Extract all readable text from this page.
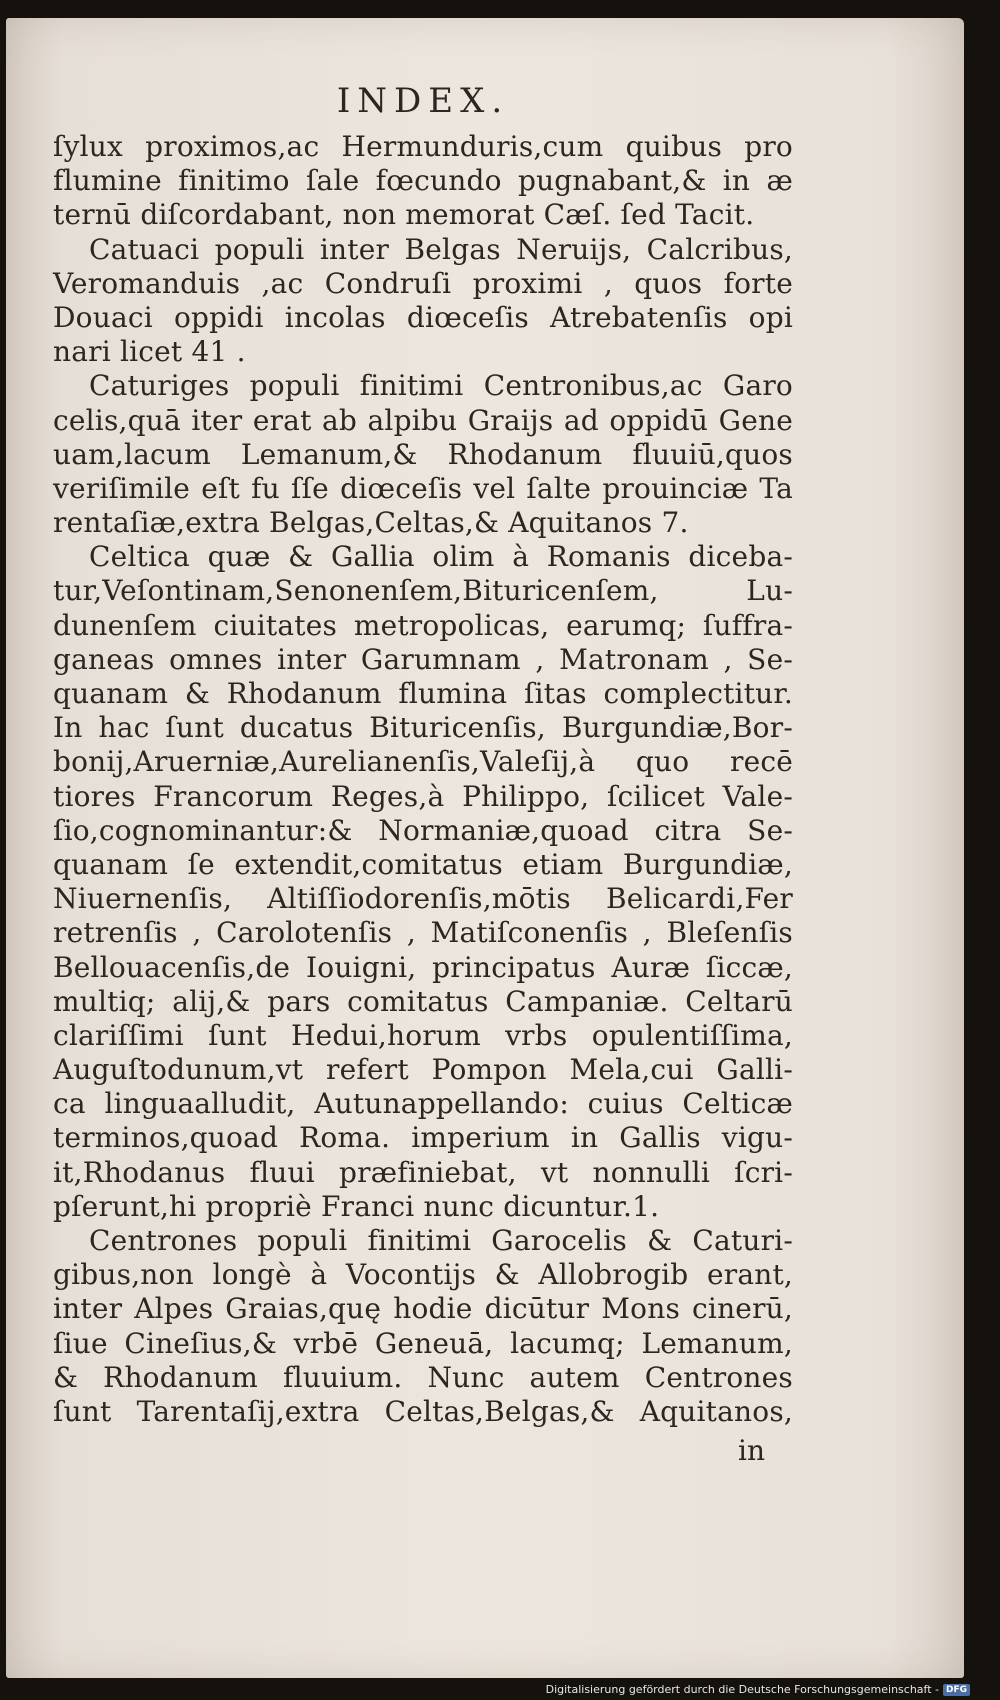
INDEX.
ſylux proximos,ac Hermunduris,cum quibus pro
flumine finitimo ſale fœcundo pugnabant,& in æ
ternū diſcordabant, non memorat Cæſ. ſed Tacit.
Catuaci populi inter Belgas Neruijs, Calcribus,
Veromanduis ,ac Condruſi proximi , quos forte
Douaci oppidi incolas diœceſis Atrebatenſis opi
nari licet 41 .
Caturiges populi finitimi Centronibus,ac Garo
celis,quā iter erat ab alpibu Graijs ad oppidū Gene
uam,lacum Lemanum,& Rhodanum fluuiū,quos
veriſimile eſt fu ſſe diœceſis vel ſalte prouinciæ Ta
rentaſiæ,extra Belgas,Celtas,& Aquitanos 7.
Celtica quæ & Gallia olim à Romanis diceba-
tur,Veſontinam,Senonenſem,Bituricenſem, Lu-
dunenſem ciuitates metropolicas, earumq; ſuffra-
ganeas omnes inter Garumnam , Matronam , Se-
quanam & Rhodanum flumina ſitas complectitur.
In hac ſunt ducatus Bituricenſis, Burgundiæ,Bor-
bonij,Aruerniæ,Aurelianenſis,Valeſij,à quo recē
tiores Francorum Reges,à Philippo, ſcilicet Vale-
ſio,cognominantur:& Normaniæ,quoad citra Se-
quanam ſe extendit,comitatus etiam Burgundiæ,
Niuernenſis, Altiſſiodorenſis,mōtis Belicardi,Fer
retrenſis , Carolotenſis , Matiſconenſis , Bleſenſis
Bellouacenſis,de Iouigni, principatus Auræ ſiccæ,
multiq; alij,& pars comitatus Campaniæ. Celtarū
clariſſimi ſunt Hedui,horum vrbs opulentiſſima,
Auguſtodunum,vt refert Pompon Mela,cui Galli-
ca linguaalludit, Autunappellando: cuius Celticæ
terminos,quoad Roma. imperium in Gallis vigu-
it,Rhodanus fluui præfiniebat, vt nonnulli ſcri-
pſerunt,hi propriè Franci nunc dicuntur.1.
Centrones populi finitimi Garocelis & Caturi-
gibus,non longè à Vocontijs & Allobrogib erant,
inter Alpes Graias,quę hodie dicūtur Mons cinerū,
ſiue Cineſius,& vrbē Geneuā, lacumq; Lemanum,
& Rhodanum fluuium. Nunc autem Centrones
ſunt Tarentaſij,extra Celtas,Belgas,& Aquitanos,
in
Digitalisierung gefördert durch die Deutsche Forschungsgemeinschaft - DFG
